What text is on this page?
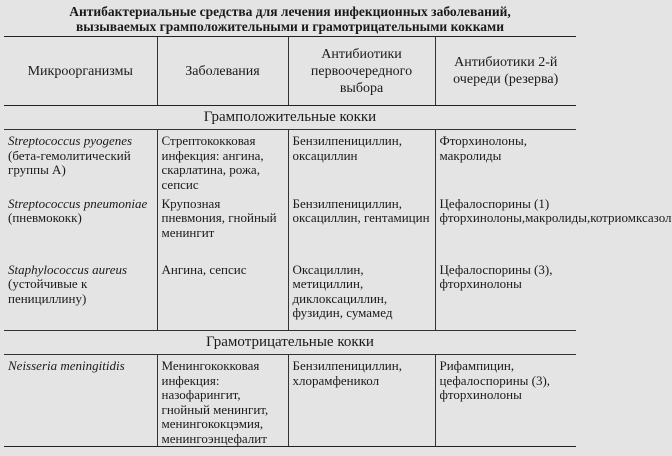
Антибактериальные средства для лечения инфекционных заболеваний,
вызываемых грамположительными и грамотрицательными кокками
Микроорганизмы	Заболевания	Антибиотики первоочередного выбора	Антибиотики 2-й очереди (резерва)
Грамположительные кокки			
Streptococcus pyogenes (бета-гемолитический группы А)	Стрептококковая инфекция: ангина, скарлатина, рожа, сепсис	Бензилпенициллин, оксациллин	Фторхинолоны, макролиды
Streptococcus pneumoniae (пневмококк)	Крупозная пневмония, гнойный менингит	Бензилпенициллин, оксациллин, гентамицин	Цефалоспорины (1) фторхинолоны,макролиды,котриомксазол
Staphylococcus aureus (устойчивые к пенициллину)	Ангина, сепсис	Оксациллин, метициллин, диклоксациллин, фузидин, сумамед	Цефалоспорины (3), фторхинолоны
Грамотрицательные кокки			
Neisseria meningitidis	Менингококковая инфекция: назофарингит, гнойный менингит, менингококцэмия, менингоэнцефалит	Бензилпенициллин, хлорамфеникол	Рифампицин, цефалоспорины (3), фторхинолоны
